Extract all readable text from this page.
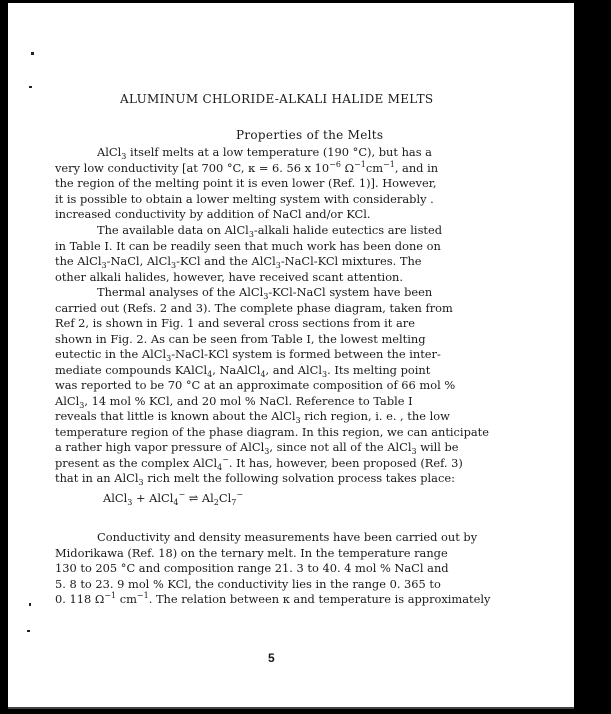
ALUMINUM CHLORIDE-ALKALI HALIDE MELTS
Properties of the Melts
AlCl$_3$ itself melts at a low temperature (190 °C), but has a
very low conductivity [at 700 °C, κ = 6. 56 x $10^{-6}$ $\Omega^{-1}cm^{-1}$, and in
the region of the melting point it is even lower (Ref. 1)]. However,
it is possible to obtain a lower melting system with considerably .
increased conductivity by addition of NaCl and/or KCl.
The available data on AlCl$_3$-alkali halide eutectics are listed
in Table I. It can be readily seen that much work has been done on
the AlCl$_3$-NaCl, AlCl$_3$-KCl and the AlCl$_3$-NaCl-KCl mixtures. The
other alkali halides, however, have received scant attention.
Thermal analyses of the AlCl$_3$-KCl-NaCl system have been
carried out (Refs. 2 and 3). The complete phase diagram, taken from
Ref 2, is shown in Fig. 1 and several cross sections from it are
shown in Fig. 2. As can be seen from Table I, the lowest melting
eutectic in the AlCl$_3$-NaCl-KCl system is formed between the inter-
mediate compounds KAlCl$_4$, NaAlCl$_4$, and AlCl$_3$. Its melting point
was reported to be 70 °C at an approximate composition of 66 mol %
AlCl$_3$, 14 mol % KCl, and 20 mol % NaCl. Reference to Table I
reveals that little is known about the AlCl$_3$ rich region, i. e. , the low
temperature region of the phase diagram. In this region, we can anticipate
a rather high vapor pressure of AlCl$_3$, since not all of the AlCl$_3$ will be
present as the complex AlCl$_4$−. It has, however, been proposed (Ref. 3)
that in an AlCl$_3$ rich melt the following solvation process takes place:
AlCl$_3$ + AlCl$_4$− ⇌ $Al_2Cl_7^-$
Conductivity and density measurements have been carried out by
Midorikawa (Ref. 18) on the ternary melt. In the temperature range
130 to 205 °C and composition range 21. 3 to 40. 4 mol % NaCl and
5. 8 to 23. 9 mol % KCl, the conductivity lies in the range 0. 365 to
0. 118 $\Omega^{-1}$ $cm^{-1}$. The relation between κ and temperature is approximately
5
